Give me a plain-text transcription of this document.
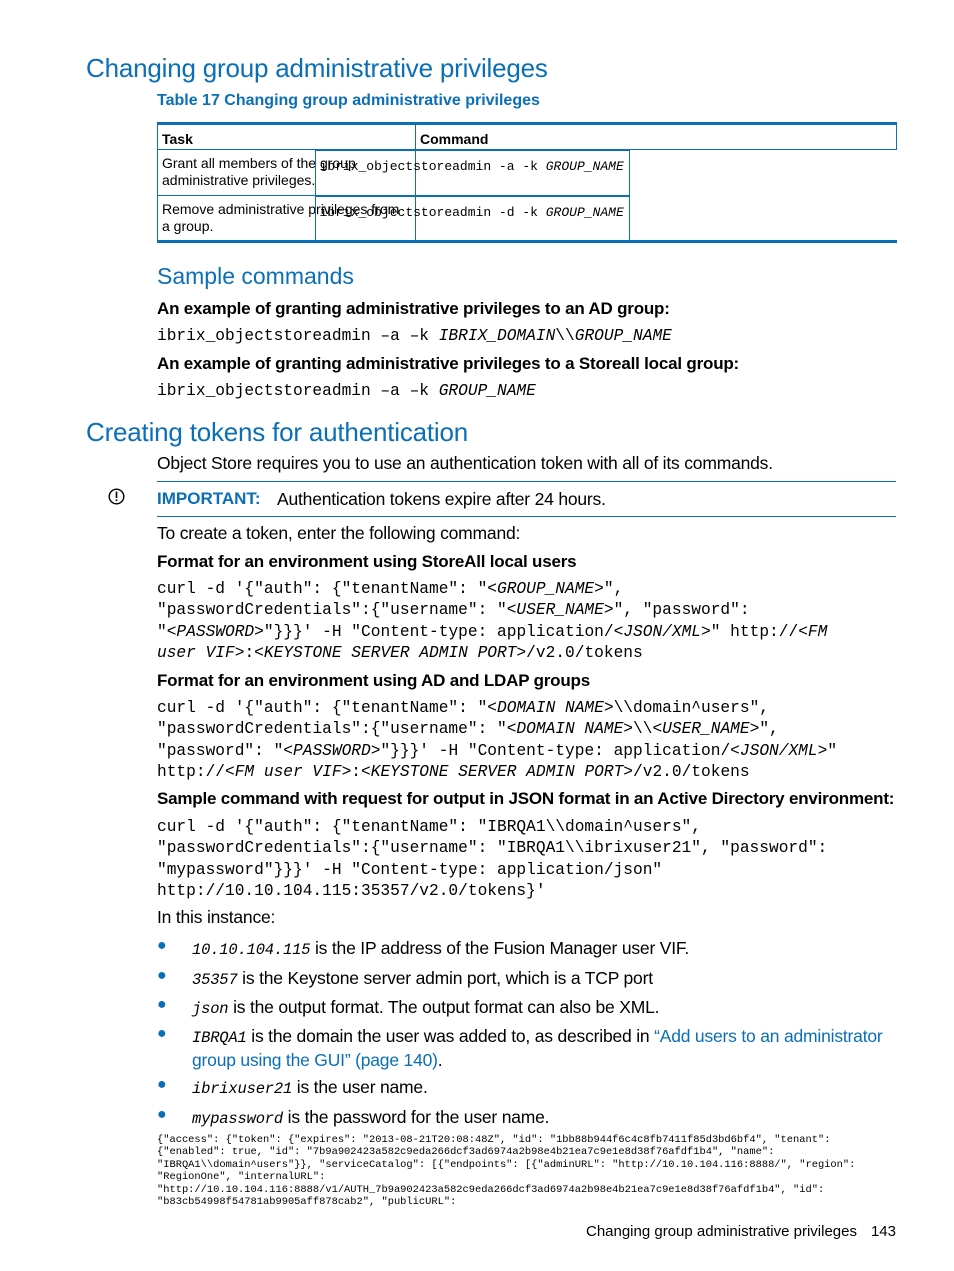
Changing group administrative privileges

Table 17 Changing group administrative privileges

Task	Command
Grant all members of the group administrative privileges.	
ibrix_objectstoreadmin -a -k GROUP_NAME

Remove administrative privileges from a group.	
ibrix_objectstoreadmin -d -k GROUP_NAME
Sample commands

An example of granting administrative privileges to an AD group:

ibrix_objectstoreadmin –a –k IBRIX_DOMAIN\\GROUP_NAME

An example of granting administrative privileges to a Storeall local group:

ibrix_objectstoreadmin –a –k GROUP_NAME

Creating tokens for authentication

Object Store requires you to use an authentication token with all of its commands.

IMPORTANT: Authentication tokens expire after 24 hours.

To create a token, enter the following command:

Format for an environment using StoreAll local users

curl -d '{"auth": {"tenantName": "<GROUP_NAME>",
"passwordCredentials":{"username": "<USER_NAME>", "password":
"<PASSWORD>"}}}' -H "Content-type: application/<JSON/XML>" http://<FM
user VIF>:<KEYSTONE SERVER ADMIN PORT>/v2.0/tokens

Format for an environment using AD and LDAP groups

curl -d '{"auth": {"tenantName": "<DOMAIN NAME>\\domain^users",
"passwordCredentials":{"username": "<DOMAIN NAME>\\<USER_NAME>",
"password": "<PASSWORD>"}}}' -H "Content-type: application/<JSON/XML>"
http://<FM user VIF>:<KEYSTONE SERVER ADMIN PORT>/v2.0/tokens

Sample command with request for output in JSON format in an Active Directory environment:

curl -d '{"auth": {"tenantName": "IBRQA1\\domain^users",
"passwordCredentials":{"username": "IBRQA1\\ibrixuser21", "password":
"mypassword"}}}' -H "Content-type: application/json"
http://10.10.104.115:35357/v2.0/tokens}'

In this instance:

● 10.10.104.115 is the IP address of the Fusion Manager user VIF.
● 35357 is the Keystone server admin port, which is a TCP port
● json is the output format. The output format can also be XML.
● IBRQA1 is the domain the user was added to, as described in “Add users to an administrator group using the GUI” (page 140).
● ibrixuser21 is the user name.
● mypassword is the password for the user name.

{"access": {"token": {"expires": "2013-08-21T20:08:48Z", "id": "1bb88b944f6c4c8fb7411f85d3bd6bf4", "tenant":
{"enabled": true, "id": "7b9a902423a582c9eda266dcf3ad6974a2b98e4b21ea7c9e1e8d38f76afdf1b4", "name":
"IBRQA1\\domain^users"}}, "serviceCatalog": [{"endpoints": [{"adminURL": "http://10.10.104.116:8888/", "region":
"RegionOne", "internalURL":
"http://10.10.104.116:8888/v1/AUTH_7b9a902423a582c9eda266dcf3ad6974a2b98e4b21ea7c9e1e8d38f76afdf1b4", "id":
"b83cb54998f54781ab9905aff878cab2", "publicURL":

Changing group administrative privileges 143
